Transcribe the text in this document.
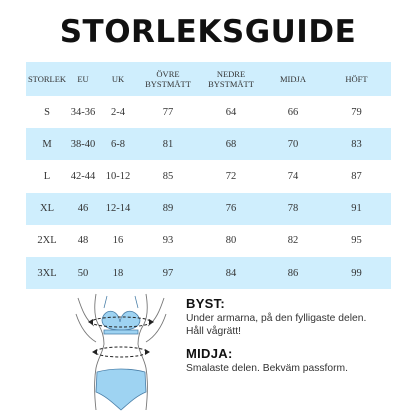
STORLEKSGUIDE
STORLEK	EU	UK	ÖVRE BYSTMÅTT	NEDRE BYSTMÅTT	MIDJA	HÖFT
S	34-36	2-4	77	64	66	79
M	38-40	6-8	81	68	70	83
L	42-44	10-12	85	72	74	87
XL	46	12-14	89	76	78	91
2XL	48	16	93	80	82	95
3XL	50	18	97	84	86	99
BYST:
Under armarna, på den fylligaste delen.
Håll vågrätt!
MIDJA:
Smalaste delen. Bekväm passform.
